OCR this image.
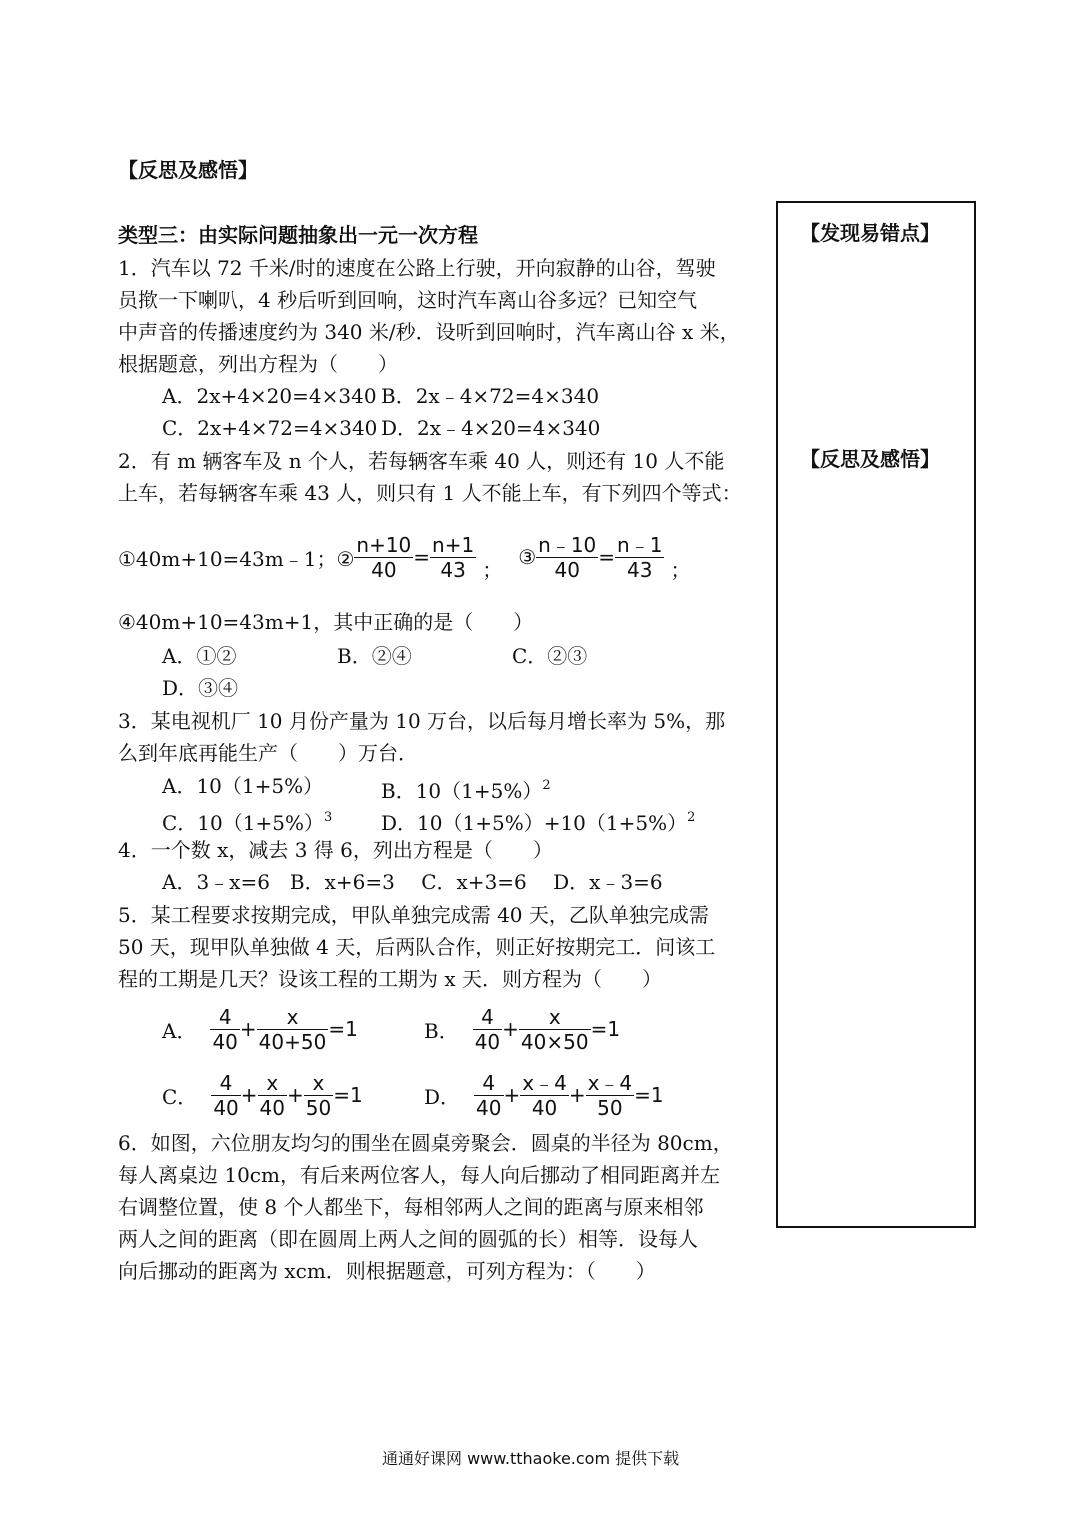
【反思及感悟】
【发现易错点】
【反思及感悟】
类型三：由实际问题抽象出一元一次方程
1．汽车以 72 千米/时的速度在公路上行驶，开向寂静的山谷，驾驶
员揿一下喇叭，4 秒后听到回响，这时汽车离山谷多远？已知空气
中声音的传播速度约为 340 米/秒．设听到回响时，汽车离山谷 x 米，
根据题意，列出方程为（　　）
A．2x+4×20=4×340 B．2x﹣4×72=4×340
C．2x+4×72=4×340 D．2x﹣4×20=4×340
2．有 m 辆客车及 n 个人，若每辆客车乘 40 人，则还有 10 人不能
上车，若每辆客车乘 43 人，则只有 1 人不能上车，有下列四个等式：
①40m+10=43m﹣1；② $\frac{n+10}{40} = \frac{n+1}{43}$ ；
③ $\frac{n﹣10}{40} = \frac{n﹣1}{43}$ ；
④40m+10=43m+1，其中正确的是（　　）
A．①②	B．②④	C．②③
D．③④
3．某电视机厂 10 月份产量为 10 万台，以后每月增长率为 5%，那
么到年底再能生产（　　）万台．
A．10（1+5%）	B．$10(1+5\%)^2$
C．$10(1+5\%)^3$ D．$10(1+5\%)+10(1+5\%)^2$
4．一个数 x，减去 3 得 6，列出方程是（　　）
A．3﹣x=6　B．x+6=3　 C．x+3=6　 D．x﹣3=6
5．某工程要求按期完成，甲队单独完成需 40 天，乙队单独完成需
50 天，现甲队单独做 4 天，后两队合作，则正好按期完工．问该工
程的工期是几天？设该工程的工期为 x 天．则方程为（　　）
A． $\frac{4}{40} + \frac{x}{40+50} =1$	B． $\frac{4}{40} + \frac{x}{40\times 50} =1$
C． $\frac{4}{40} + \frac{x}{40} + \frac{x}{50} =1$	D． $\frac{4}{40} + \frac{x﹣4}{40} + \frac{x﹣4}{50} =1$
6．如图，六位朋友均匀的围坐在圆桌旁聚会．圆桌的半径为 80cm，
每人离桌边 10cm，有后来两位客人，每人向后挪动了相同距离并左
右调整位置，使 8 个人都坐下，每相邻两人之间的距离与原来相邻
两人之间的距离（即在圆周上两人之间的圆弧的长）相等．设每人
向后挪动的距离为 xcm．则根据题意，可列方程为：（　　）
通通好课网 www.tthaoke.com 提供下载
